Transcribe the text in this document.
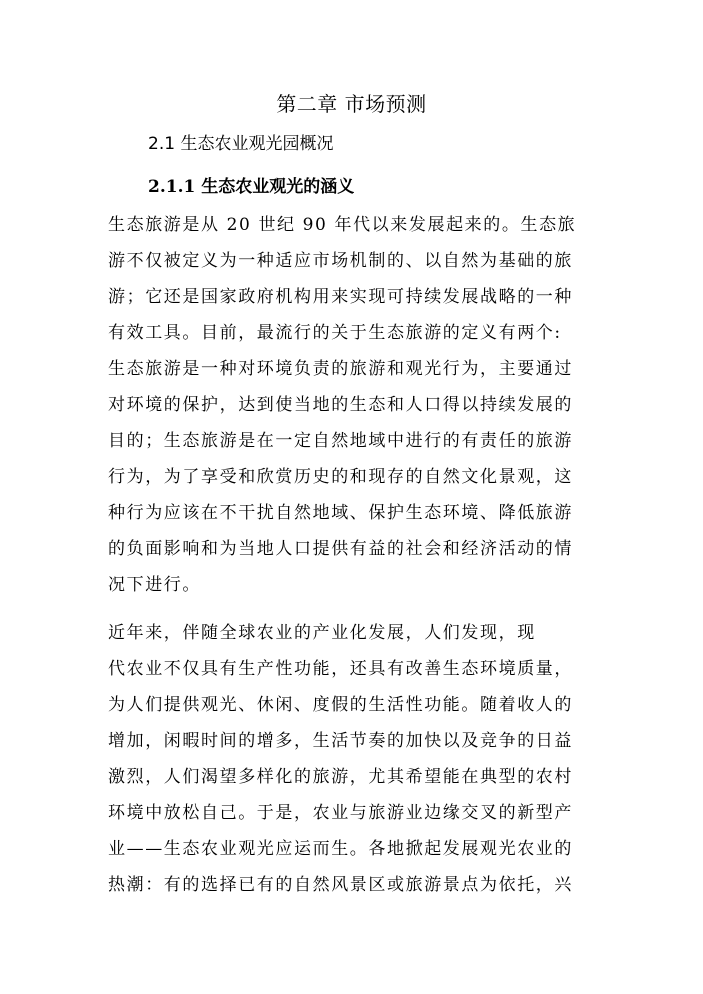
第二章 市场预测
2.1 生态农业观光园概况
2.1.1 生态农业观光的涵义
生态旅游是从 20 世纪 90 年代以来发展起来的。生态旅
游不仅被定义为一种适应市场机制的、以自然为基础的旅
游；它还是国家政府机构用来实现可持续发展战略的一种
有效工具。目前，最流行的关于生态旅游的定义有两个:
生态旅游是一种对环境负责的旅游和观光行为，主要通过
对环境的保护，达到使当地的生态和人口得以持续发展的
目的；生态旅游是在一定自然地域中进行的有责任的旅游
行为，为了享受和欣赏历史的和现存的自然文化景观，这
种行为应该在不干扰自然地域、保护生态环境、降低旅游
的负面影响和为当地人口提供有益的社会和经济活动的情
况下进行。
近年来，伴随全球农业的产业化发展，人们发现，现
代农业不仅具有生产性功能，还具有改善生态环境质量，
为人们提供观光、休闲、度假的生活性功能。随着收人的
增加，闲暇时间的增多，生活节奏的加快以及竞争的日益
激烈，人们渴望多样化的旅游，尤其希望能在典型的农村
环境中放松自己。于是，农业与旅游业边缘交叉的新型产
业——生态农业观光应运而生。各地掀起发展观光农业的
热潮：有的选择已有的自然风景区或旅游景点为依托，兴
